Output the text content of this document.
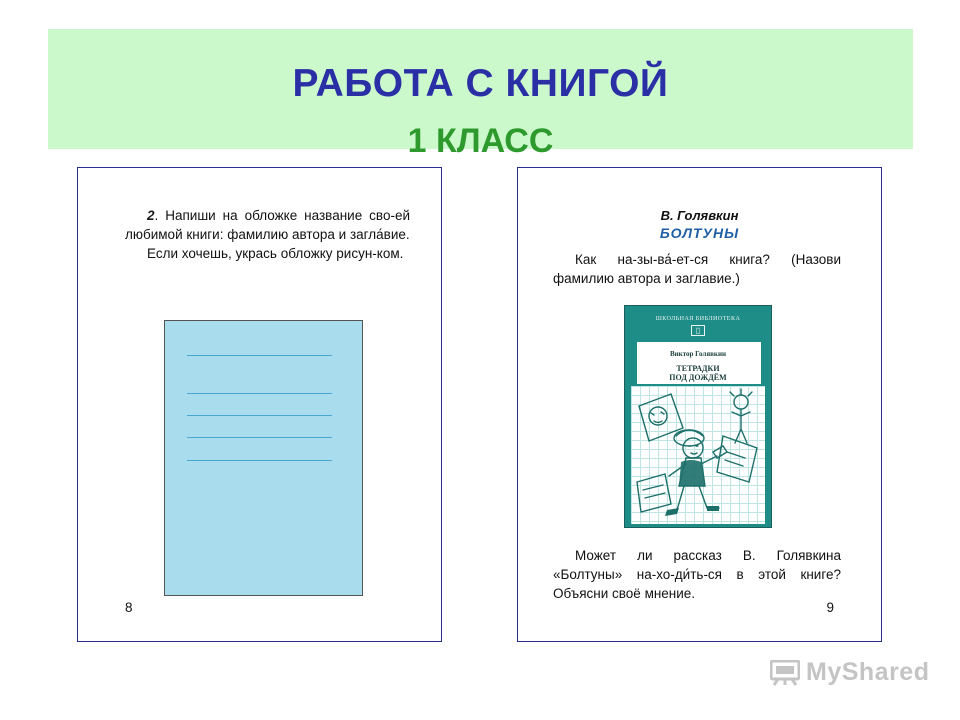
РАБОТА С КНИГОЙ
1 КЛАСС

2. Напиши на обложке название сво-ей любимой книги: фамилию автора и загла́вие.

Если хочешь, укрась обложку рисун-ком.

8
В. Голявкин
БОЛТУНЫ

Как на-зы-ва́-ет-ся книга? (Назови фамилию автора и заглавие.)

ШКОЛЬНАЯ БИБЛИОТЕКА
▯
Виктор Голявкин
ТЕТРАДКИ
ПОД ДОЖДЁМ

Может ли рассказ В. Голявкина «Болтуны» на-хо-ди́ть-ся в этой книге? Объясни своё мнение.

9
MyShared
